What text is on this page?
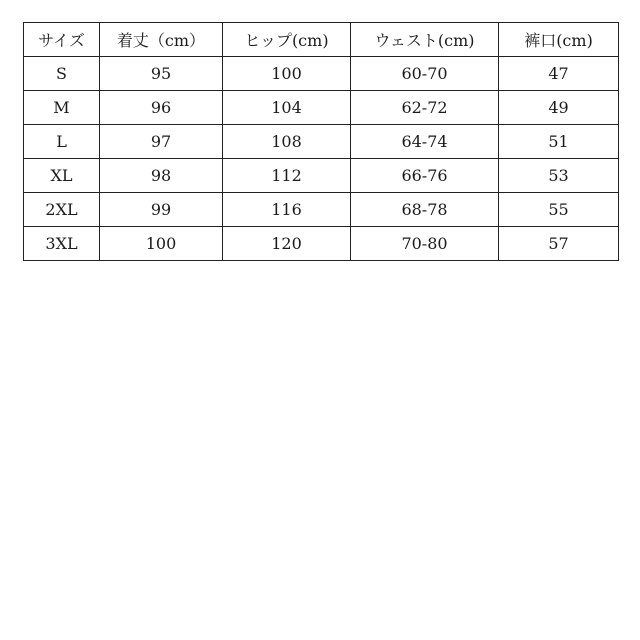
サイズ	着丈（cm）	ヒップ(cm)	ウェスト(cm)	裤口(cm)
S	95	100	60-70	47
M	96	104	62-72	49
L	97	108	64-74	51
XL	98	112	66-76	53
2XL	99	116	68-78	55
3XL	100	120	70-80	57
